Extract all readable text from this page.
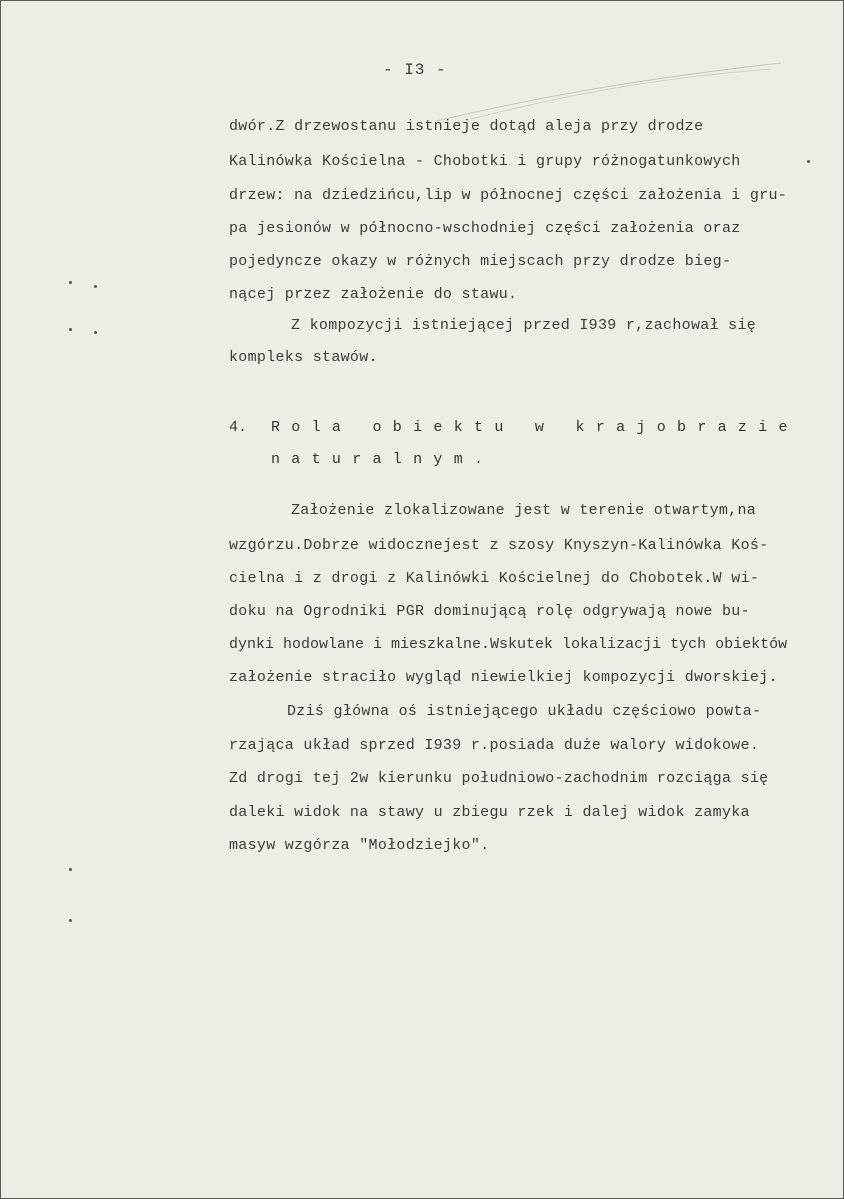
- I3 -
dwór.Z drzewostanu istnieje dotąd aleja przy drodze
Kalinówka Kościelna - Chobotki i grupy różnogatunkowych
drzew: na dziedzińcu,lip w północnej części założenia i gru-
pa jesionów w północno-wschodniej części założenia oraz
pojedyncze okazy w różnych miejscach przy drodze bieg-
nącej przez założenie do stawu.
Z kompozycji istniejącej przed I939 r,zachował się
kompleks stawów.
4. Rola obiektu w krajobrazie
naturalnym.
Założenie zlokalizowane jest w terenie otwartym,na
wzgórzu.Dobrze widocznejest z szosy Knyszyn-Kalinówka Koś-
cielna i z drogi z Kalinówki Kościelnej do Chobotek.W wi-
doku na Ogrodniki PGR dominującą rolę odgrywają nowe bu-
dynki hodowlane i mieszkalne.Wskutek lokalizacji tych obiektów
założenie straciło wygląd niewielkiej kompozycji dworskiej.
Dziś główna oś istniejącego układu częściowo powta-
rzająca układ sprzed I939 r.posiada duże walory widokowe.
Zd drogi tej 2w kierunku południowo-zachodnim rozciąga się
daleki widok na stawy u zbiegu rzek i dalej widok zamyka
masyw wzgórza "Mołodziejko".
